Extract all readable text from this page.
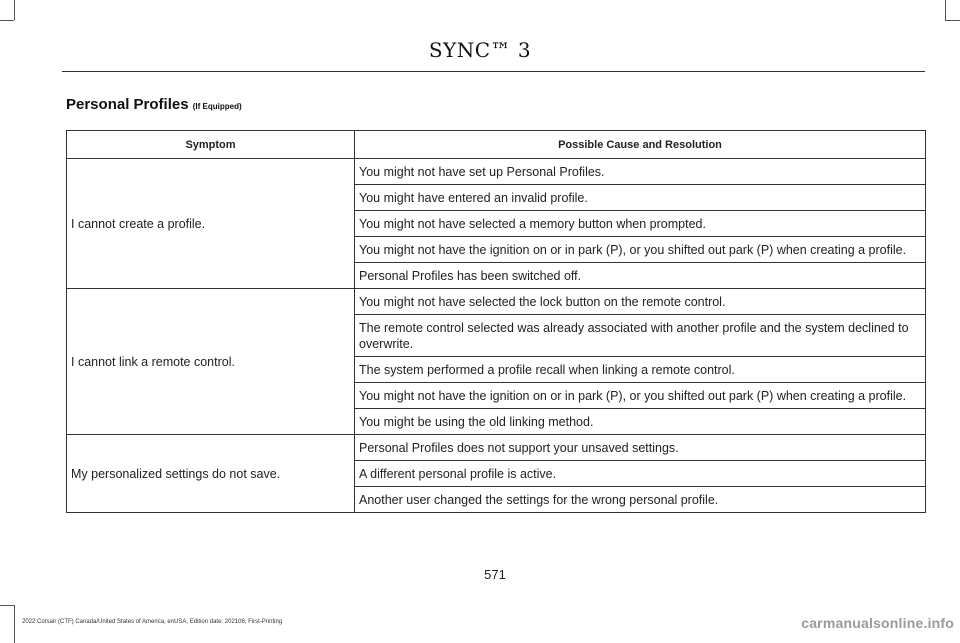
SYNC™ 3
Personal Profiles (If Equipped)
Symptom	Possible Cause and Resolution
I cannot create a profile.	You might not have set up Personal Profiles.
	You might have entered an invalid profile.
	You might not have selected a memory button when prompted.
	You might not have the ignition on or in park (P), or you shifted out park (P) when creating a profile.
	Personal Profiles has been switched off.
I cannot link a remote control.	You might not have selected the lock button on the remote control.
	The remote control selected was already associated with another profile and the system declined to overwrite.
	The system performed a profile recall when linking a remote control.
	You might not have the ignition on or in park (P), or you shifted out park (P) when creating a profile.
	You might be using the old linking method.
My personalized settings do not save.	Personal Profiles does not support your unsaved settings.
	A different personal profile is active.
	Another user changed the settings for the wrong personal profile.
571
2022 Corsair (CTF) Canada/United States of America, enUSA, Edition date: 202106, First-Printing	carmanualsonline.info
